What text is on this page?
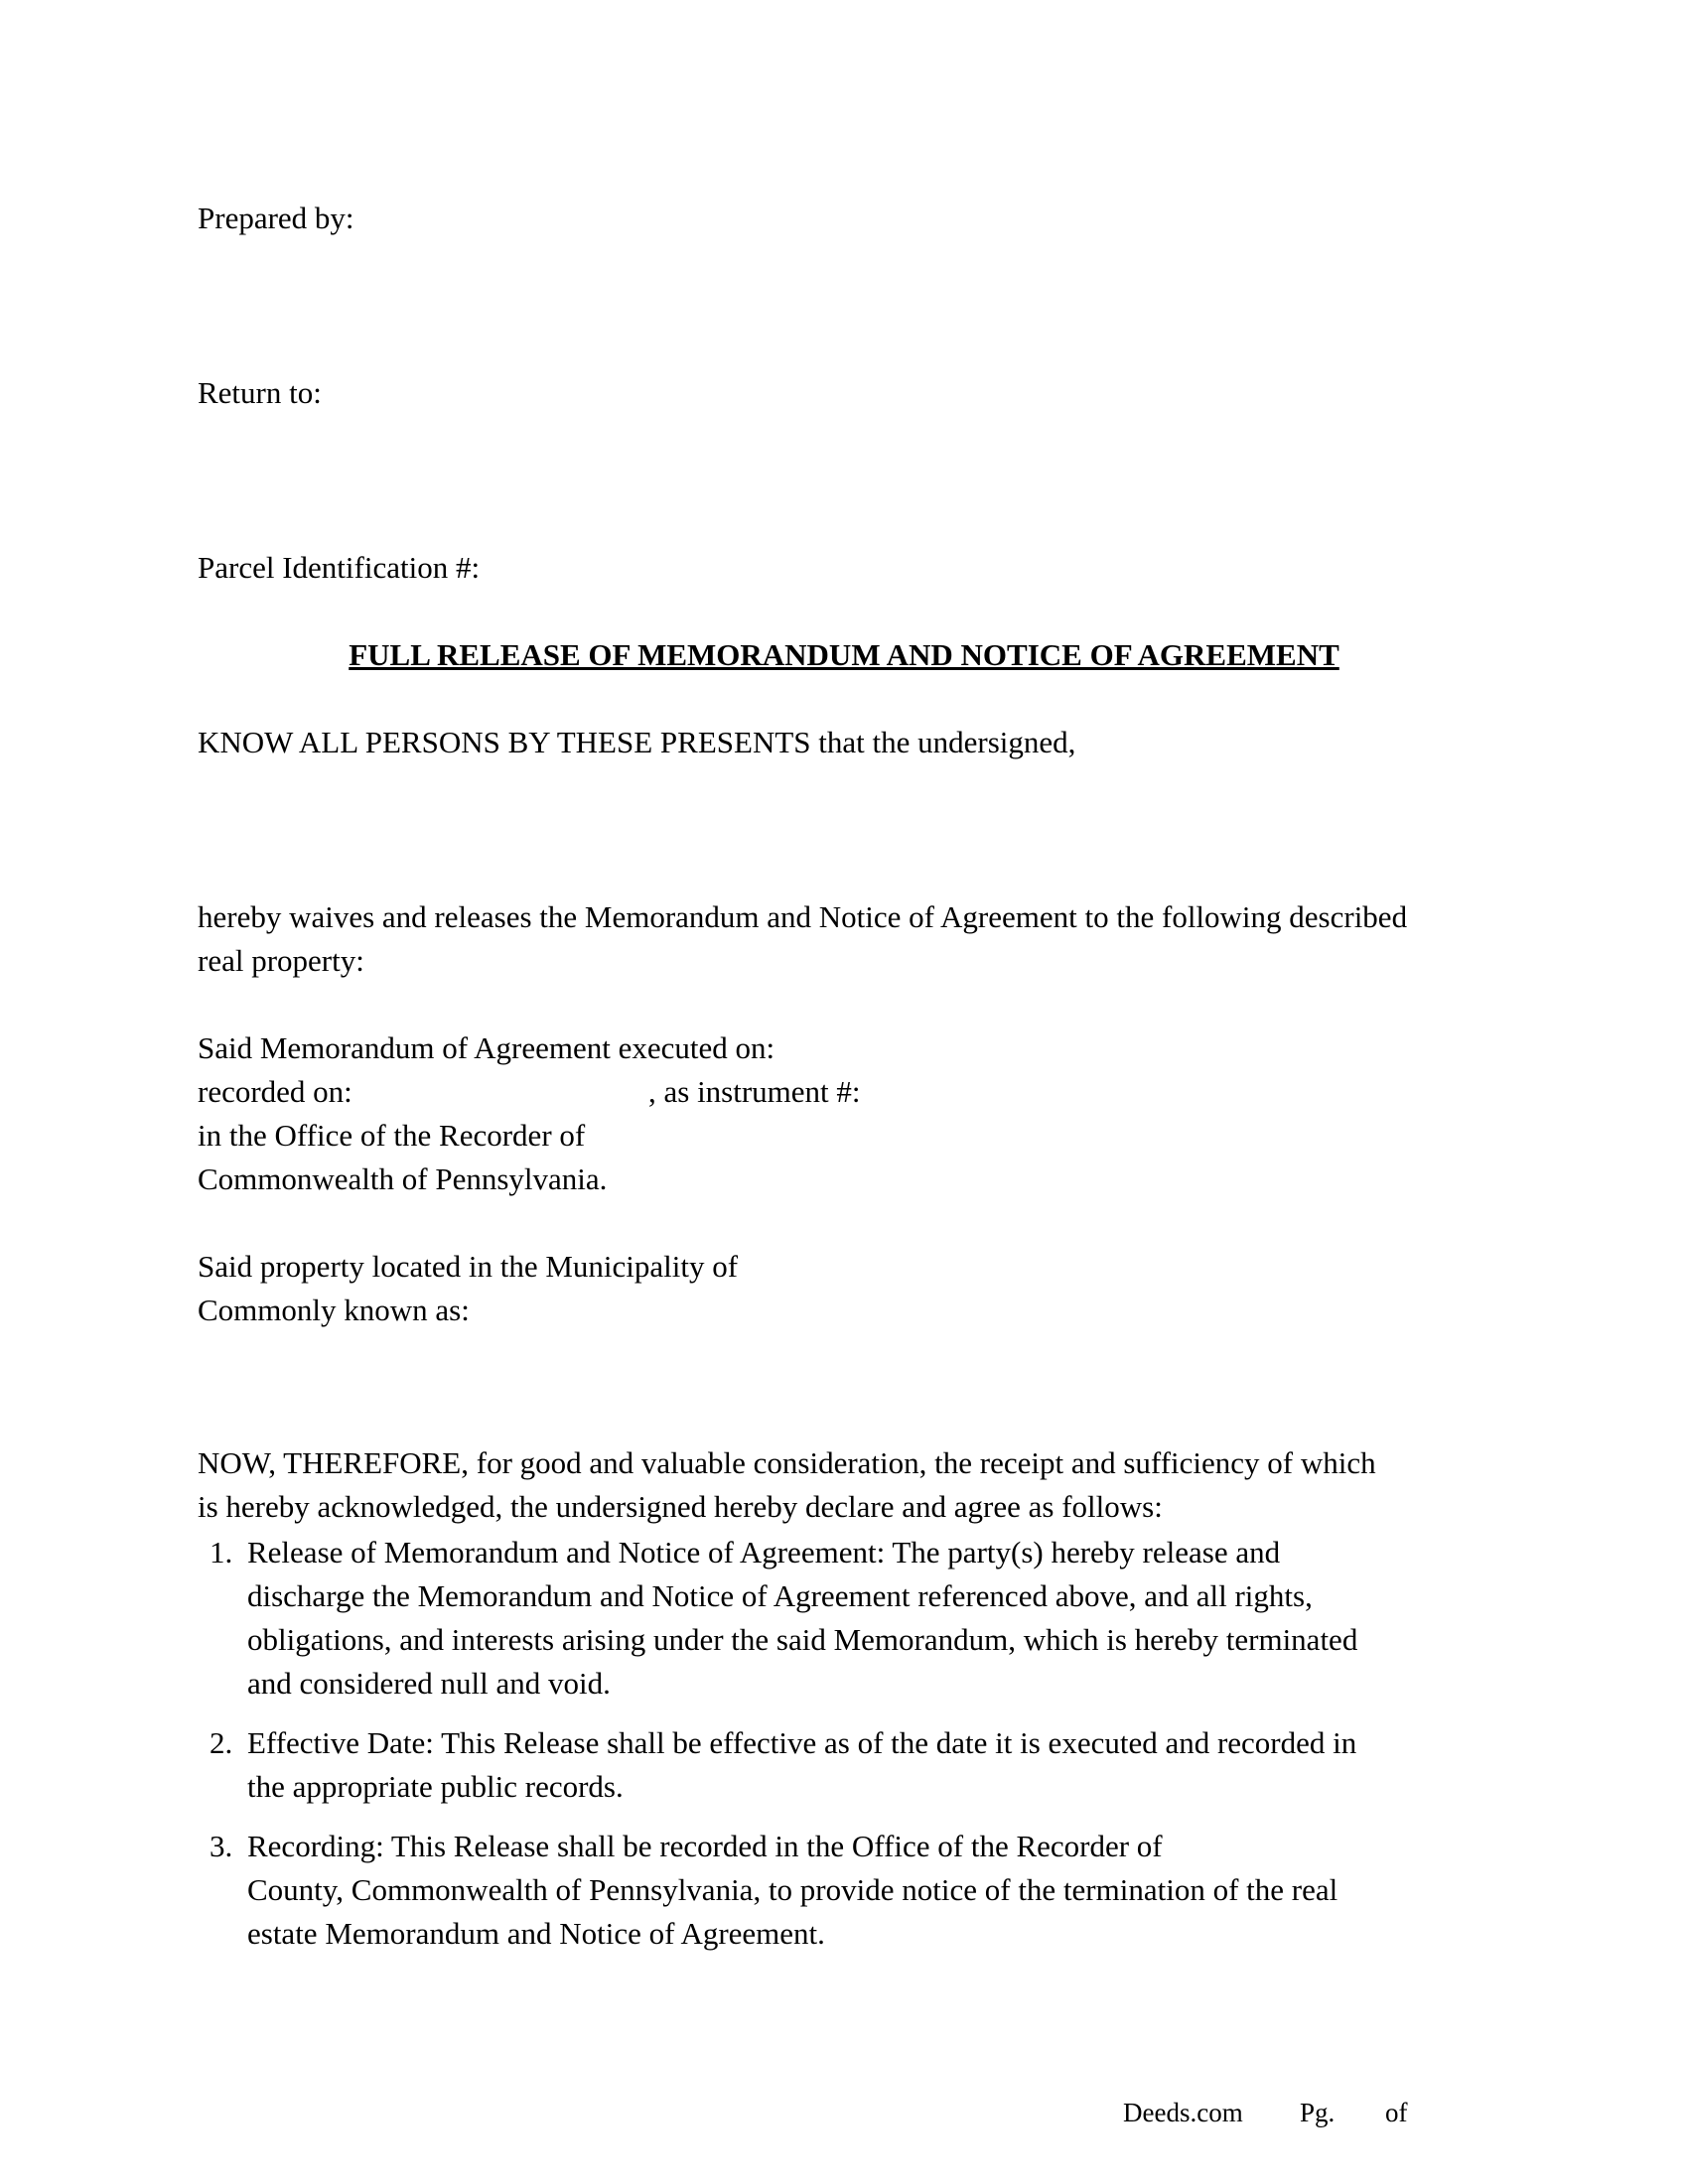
Prepared by:
Return to:
Parcel Identification #:
FULL RELEASE OF MEMORANDUM AND NOTICE OF AGREEMENT
KNOW ALL PERSONS BY THESE PRESENTS that the undersigned,
hereby waives and releases the Memorandum and Notice of Agreement to the following described
real property:
Said Memorandum of Agreement executed on:
recorded on:	, as instrument #:
in the Office of the Recorder of
Commonwealth of Pennsylvania.
Said property located in the Municipality of
Commonly known as:
NOW, THEREFORE, for good and valuable consideration, the receipt and sufficiency of which
is hereby acknowledged, the undersigned hereby declare and agree as follows:
1. Release of Memorandum and Notice of Agreement: The party(s) hereby release and
discharge the Memorandum and Notice of Agreement referenced above, and all rights,
obligations, and interests arising under the said Memorandum, which is hereby terminated
and considered null and void.
2. Effective Date: This Release shall be effective as of the date it is executed and recorded in
the appropriate public records.
3. Recording: This Release shall be recorded in the Office of the Recorder of
County, Commonwealth of Pennsylvania, to provide notice of the termination of the real
estate Memorandum and Notice of Agreement.
Deeds.com Pg. of
